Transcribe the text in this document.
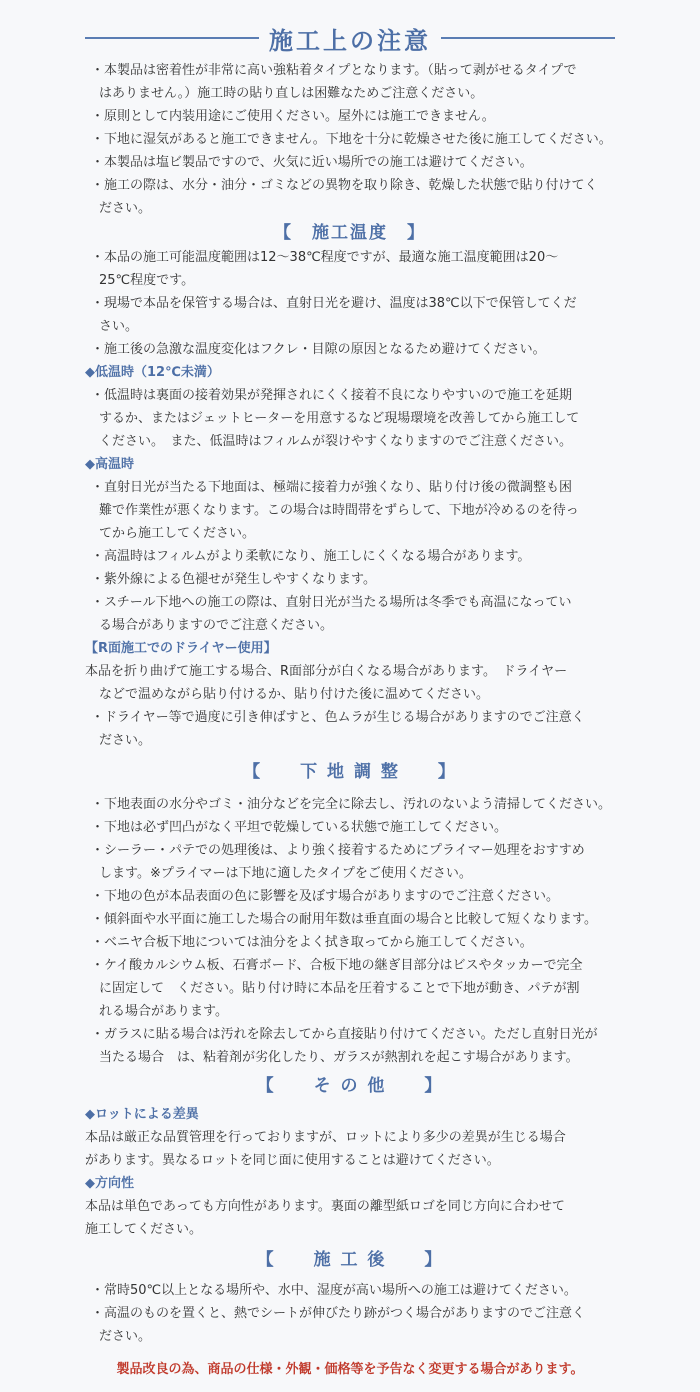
施工上の注意

・本製品は密着性が非常に高い強粘着タイプとなります。（貼って剥がせるタイプで

はありません。）施工時の貼り直しは困難なためご注意ください。

・原則として内装用途にご使用ください。屋外には施工できません。

・下地に湿気があると施工できません。下地を十分に乾燥させた後に施工してください。

・本製品は塩ビ製品ですので、火気に近い場所での施工は避けてください。

・施工の際は、水分・油分・ゴミなどの異物を取り除き、乾燥した状態で貼り付けてく

ださい。

【　施工温度　】

・本品の施工可能温度範囲は12〜38℃程度ですが、最適な施工温度範囲は20〜

25℃程度です。

・現場で本品を保管する場合は、直射日光を避け、温度は38℃以下で保管してくだ

さい。

・施工後の急激な温度変化はフクレ・目隙の原因となるため避けてください。

◆低温時（12℃未満）

・低温時は裏面の接着効果が発揮されにくく接着不良になりやすいので施工を延期

するか、またはジェットヒーターを用意するなど現場環境を改善してから施工して

ください。　また、低温時はフィルムが裂けやすくなりますのでご注意ください。

◆高温時

・直射日光が当たる下地面は、極端に接着力が強くなり、貼り付け後の微調整も困

難で作業性が悪くなります。この場合は時間帯をずらして、下地が冷めるのを待っ

てから施工してください。

・高温時はフィルムがより柔軟になり、施工しにくくなる場合があります。

・紫外線による色褪せが発生しやすくなります。

・スチール下地への施工の際は、直射日光が当たる場所は冬季でも高温になってい

る場合がありますのでご注意ください。

【R面施工でのドライヤー使用】

本品を折り曲げて施工する場合、R面部分が白くなる場合があります。　ドライヤー

などで温めながら貼り付けるか、貼り付けた後に温めてください。

・ドライヤー等で過度に引き伸ばすと、色ムラが生じる場合がありますのでご注意く

ださい。

【　　下 地 調 整　　】

・下地表面の水分やゴミ・油分などを完全に除去し、汚れのないよう清掃してください。

・下地は必ず凹凸がなく平坦で乾燥している状態で施工してください。

・シーラー・パテでの処理後は、より強く接着するためにプライマー処理をおすすめ

します。※プライマーは下地に適したタイプをご使用ください。

・下地の色が本品表面の色に影響を及ぼす場合がありますのでご注意ください。

・傾斜面や水平面に施工した場合の耐用年数は垂直面の場合と比較して短くなります。

・ベニヤ合板下地については油分をよく拭き取ってから施工してください。

・ケイ酸カルシウム板、石膏ボード、合板下地の継ぎ目部分はビスやタッカーで完全

に固定して　ください。貼り付け時に本品を圧着することで下地が動き、パテが割

れる場合があります。

・ガラスに貼る場合は汚れを除去してから直接貼り付けてください。ただし直射日光が

当たる場合　は、粘着剤が劣化したり、ガラスが熱割れを起こす場合があります。

【　　そ の 他　　】

◆ロットによる差異

本品は厳正な品質管理を行っておりますが、ロットにより多少の差異が生じる場合

があります。異なるロットを同じ面に使用することは避けてください。

◆方向性

本品は単色であっても方向性があります。裏面の離型紙ロゴを同じ方向に合わせて

施工してください。

【　　施 工 後　　】

・常時50℃以上となる場所や、水中、湿度が高い場所への施工は避けてください。

・高温のものを置くと、熱でシートが伸びたり跡がつく場合がありますのでご注意く

ださい。

製品改良の為、商品の仕様・外観・価格等を予告なく変更する場合があります。
